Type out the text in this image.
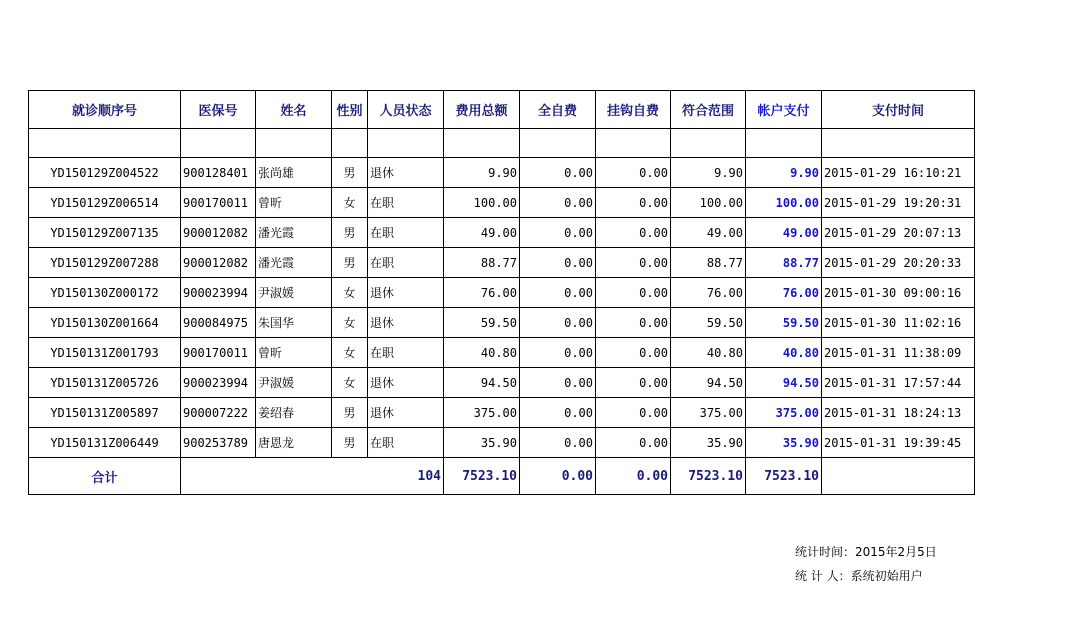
就诊顺序号	医保号	姓名	性别	人员状态	费用总额	全自费	挂钩自费	符合范围	帐户支付	支付时间

YD150129Z004522	900128401	张尚雄	男	退休	9.90	0.00	0.00	9.90	9.90	2015-01-29 16:10:21
YD150129Z006514	900170011	曾昕	女	在职	100.00	0.00	0.00	100.00	100.00	2015-01-29 19:20:31
YD150129Z007135	900012082	潘光霞	男	在职	49.00	0.00	0.00	49.00	49.00	2015-01-29 20:07:13
YD150129Z007288	900012082	潘光霞	男	在职	88.77	0.00	0.00	88.77	88.77	2015-01-29 20:20:33
YD150130Z000172	900023994	尹淑媛	女	退休	76.00	0.00	0.00	76.00	76.00	2015-01-30 09:00:16
YD150130Z001664	900084975	朱国华	女	退休	59.50	0.00	0.00	59.50	59.50	2015-01-30 11:02:16
YD150131Z001793	900170011	曾昕	女	在职	40.80	0.00	0.00	40.80	40.80	2015-01-31 11:38:09
YD150131Z005726	900023994	尹淑媛	女	退休	94.50	0.00	0.00	94.50	94.50	2015-01-31 17:57:44
YD150131Z005897	900007222	姜绍春	男	退休	375.00	0.00	0.00	375.00	375.00	2015-01-31 18:24:13
YD150131Z006449	900253789	唐恩龙	男	在职	35.90	0.00	0.00	35.90	35.90	2015-01-31 19:39:45
合计	104				7523.10	0.00	0.00	7523.10	7523.10	
统计时间：2015年2月5日
统 计 人：系统初始用户
